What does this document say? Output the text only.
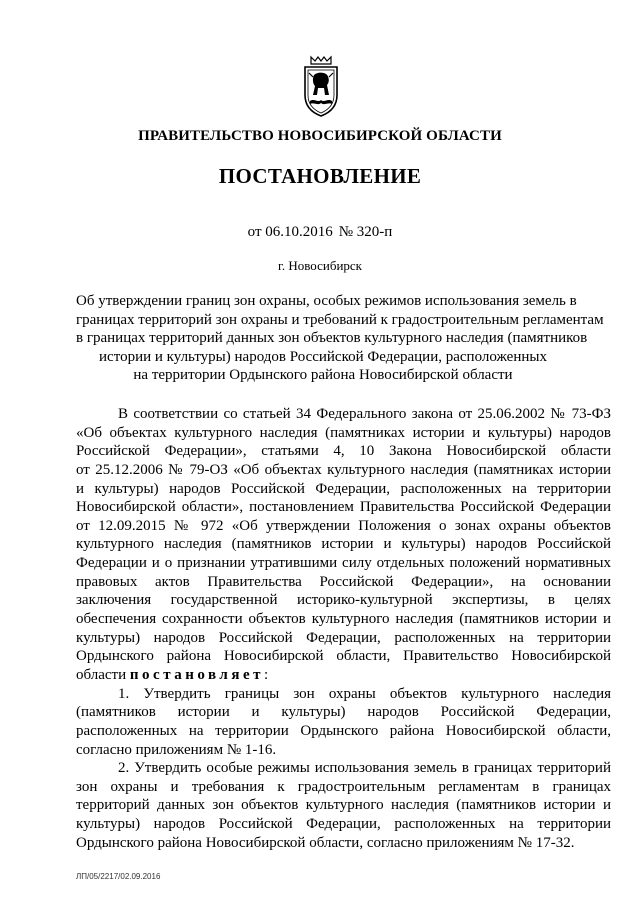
ПРАВИТЕЛЬСТВО НОВОСИБИРСКОЙ ОБЛАСТИ
ПОСТАНОВЛЕНИЕ
от 06.10.2016 № 320-п
г. Новосибирск
Об утверждении границ зон охраны, особых режимов использования земель в
границах территорий зон охраны и требований к градостроительным регламентам
в границах территорий данных зон объектов культурного наследия (памятников
истории и культуры) народов Российской Федерации, расположенных
на территории Ордынского района Новосибирской области
В соответствии со статьей 34 Федерального закона от 25.06.2002 № 73-ФЗ
«Об объектах культурного наследия (памятниках истории и культуры) народов
Российской Федерации», статьями 4, 10 Закона Новосибирской области
от 25.12.2006 № 79-ОЗ «Об объектах культурного наследия (памятниках истории
и культуры) народов Российской Федерации, расположенных на территории
Новосибирской области», постановлением Правительства Российской Федерации
от 12.09.2015 № 972 «Об утверждении Положения о зонах охраны объектов
культурного наследия (памятников истории и культуры) народов Российской
Федерации и о признании утратившими силу отдельных положений нормативных
правовых актов Правительства Российской Федерации», на основании
заключения государственной историко-культурной экспертизы, в целях
обеспечения сохранности объектов культурного наследия (памятников истории и
культуры) народов Российской Федерации, расположенных на территории
Ордынского района Новосибирской области, Правительство Новосибирской
области постановляет:
1. Утвердить границы зон охраны объектов культурного наследия
(памятников истории и культуры) народов Российской Федерации,
расположенных на территории Ордынского района Новосибирской области,
согласно приложениям № 1-16.
2. Утвердить особые режимы использования земель в границах территорий
зон охраны и требования к градостроительным регламентам в границах
территорий данных зон объектов культурного наследия (памятников истории и
культуры) народов Российской Федерации, расположенных на территории
Ордынского района Новосибирской области, согласно приложениям № 17-32.
ЛП/05/2217/02.09.2016
